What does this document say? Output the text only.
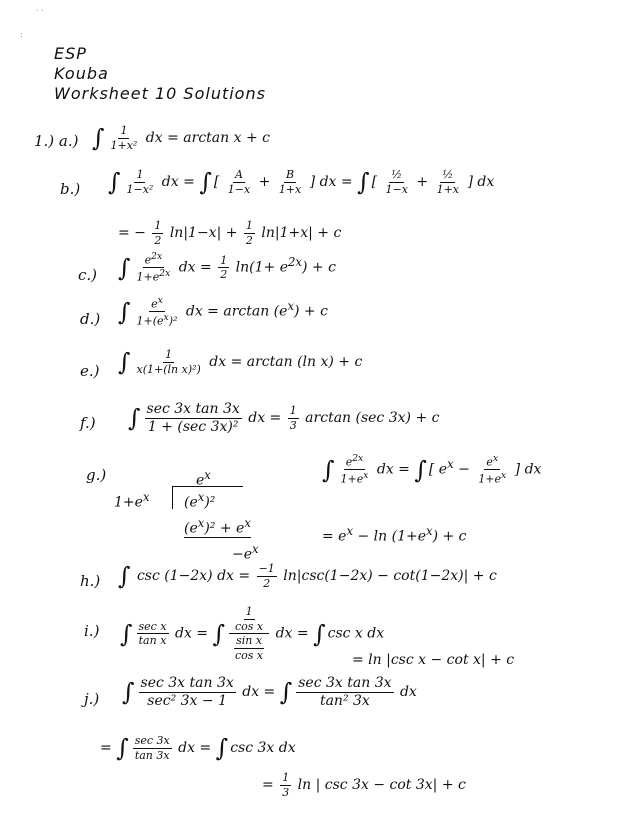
· ·
:
ESP
Kouba
Worksheet 10 Solutions
1.) a.) ∫ $\frac{1}{\text{1+x²}}$ dx = arctan x + c
b.) ∫ $\frac{1}{\text{1−x²}}$ dx = ∫ [ $\frac{A}{1-x} + \frac{B}{1+x}$ ] dx = ∫ [ $\frac{\text{½}}{1-x} + \frac{\text{½}}{1+x}$ ] dx
= − $\frac{1}{2} \ln|1-x| + \frac{1}{2} \ln|1+x| + c$
c.) ∫ $\frac{e^{2x}}{1+e^{2x}}$ dx = $\frac{1}{2} \ln(1+ e^{2x}) + c$
d.) ∫ $\frac{e^x}{1+(e^x)^2}$ dx = $\arctan (e^x) + c$
e.) ∫ $\frac{1}{\text{x(1+(ln x)²)}}$ dx = arctan (ln x) + c
f.) ∫ $\frac{\text{sec 3x tan 3x}}{\text{1 + (sec 3x)²}}$ dx = $\frac{1}{3}$ arctan (sec 3x) + c
g.)	$e^x$
$1+e^x$ $(e^x)^2$
$(e^x)^2 + e^x$
$-e^x$
∫ $\frac{e^{2x}}{1+e^x}$ dx = ∫ [ $e^x - \frac{e^x}{1+e^x}$ ] dx
= $e^x - \ln (1+e^x) + c$
h.) ∫ csc (1−2x) dx = $\frac{-1}{2} \ln|\csc(1-2x) - \cot(1-2x)| + c$
i.) ∫ $\frac{\text{sec x}}{\text{tan x}}$ dx = ∫ $\frac{\frac{1}{\text{cos x}}}{\frac{\text{sin x}}{\text{cos x}}}$ dx = ∫ csc x dx
= ln |csc x − cot x| + c
j.) ∫ $\frac{\text{sec 3x tan 3x}}{\text{sec² 3x − 1}}$ dx = ∫ $\frac{\text{sec 3x tan 3x}}{\text{tan² 3x}}$ dx
= ∫ $\frac{\sec 3x}{\tan 3x}$ dx = ∫ csc 3x dx
= $\frac{1}{3}$ ln | csc 3x − cot 3x| + c
